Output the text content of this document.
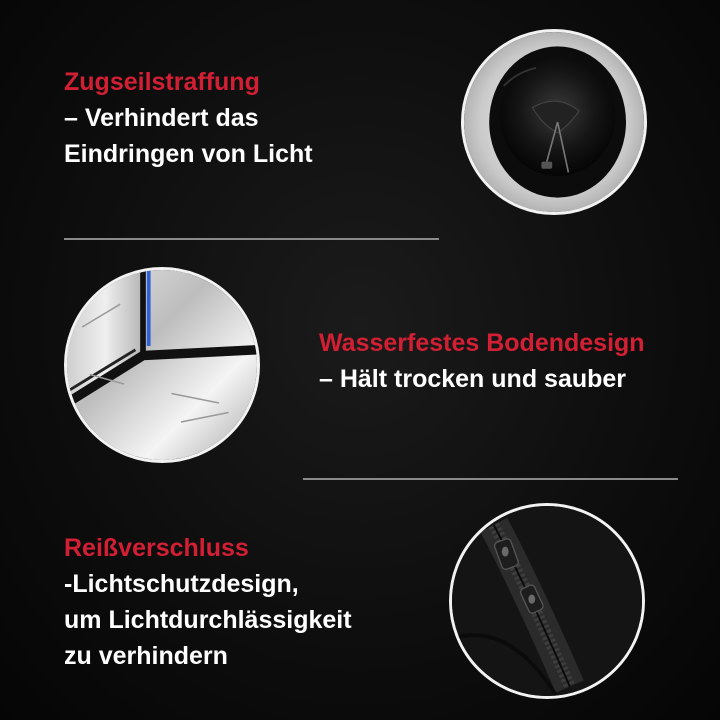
Zugseilstraffung

– Verhindert das

Eindringen von Licht

Wasserfestes Bodendesign

– Hält trocken und sauber

Reißverschluss

-Lichtschutzdesign,

um Lichtdurchlässigkeit

zu verhindern
